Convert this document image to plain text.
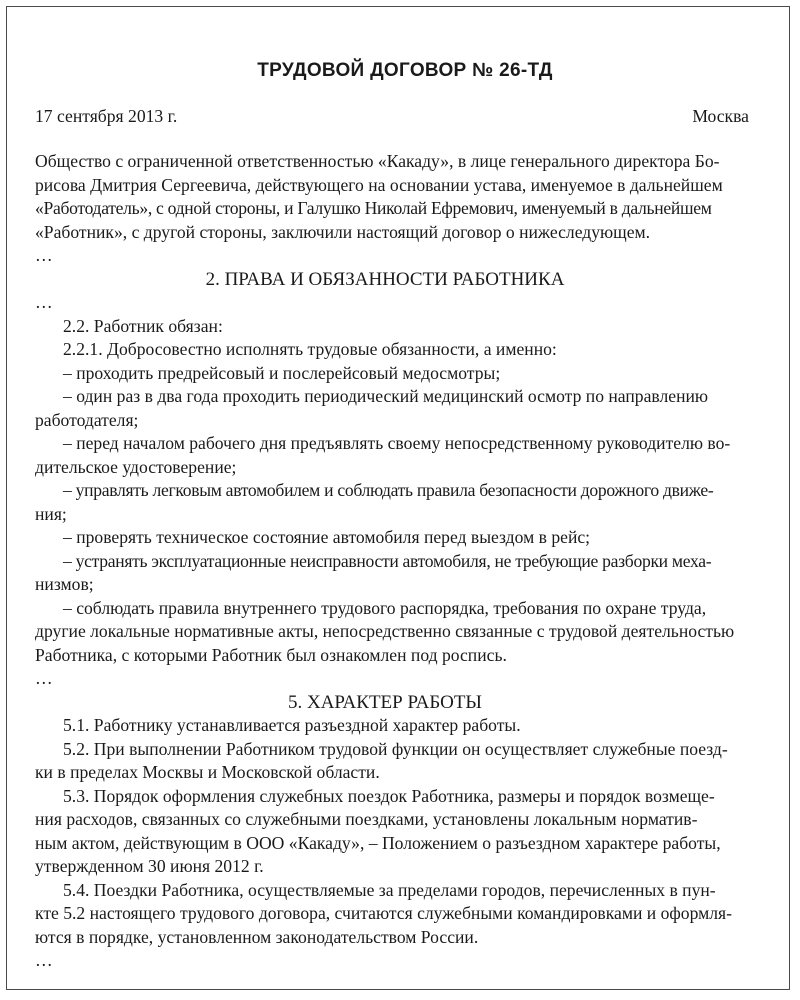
ТРУДОВОЙ ДОГОВОР № 26-ТД
17 сентября 2013 г.	Москва
Общество с ограниченной ответственностью «Какаду», в лице генерального директора Бо-
рисова Дмитрия Сергеевича, действующего на основании устава, именуемое в дальнейшем
«Работодатель», с одной стороны, и Галушко Николай Ефремович, именуемый в дальнейшем
«Работник», с другой стороны, заключили настоящий договор о нижеследующем.
…
2. ПРАВА И ОБЯЗАННОСТИ РАБОТНИКА
…
2.2. Работник обязан:
2.2.1. Добросовестно исполнять трудовые обязанности, а именно:
– проходить предрейсовый и послерейсовый медосмотры;
– один раз в два года проходить периодический медицинский осмотр по направлению
работодателя;
– перед началом рабочего дня предъявлять своему непосредственному руководителю во-
дительское удостоверение;
– управлять легковым автомобилем и соблюдать правила безопасности дорожного движе-
ния;
– проверять техническое состояние автомобиля перед выездом в рейс;
– устранять эксплуатационные неисправности автомобиля, не требующие разборки меха-
низмов;
– соблюдать правила внутреннего трудового распорядка, требования по охране труда,
другие локальные нормативные акты, непосредственно связанные с трудовой деятельностью
Работника, с которыми Работник был ознакомлен под роспись.
…
5. ХАРАКТЕР РАБОТЫ
5.1. Работнику устанавливается разъездной характер работы.
5.2. При выполнении Работником трудовой функции он осуществляет служебные поезд-
ки в пределах Москвы и Московской области.
5.3. Порядок оформления служебных поездок Работника, размеры и порядок возмеще-
ния расходов, связанных со служебными поездками, установлены локальным норматив-
ным актом, действующим в ООО «Какаду», – Положением о разъездном характере работы,
утвержденном 30 июня 2012 г.
5.4. Поездки Работника, осуществляемые за пределами городов, перечисленных в пун-
кте 5.2 настоящего трудового договора, считаются служебными командировками и оформля-
ются в порядке, установленном законодательством России.
…
